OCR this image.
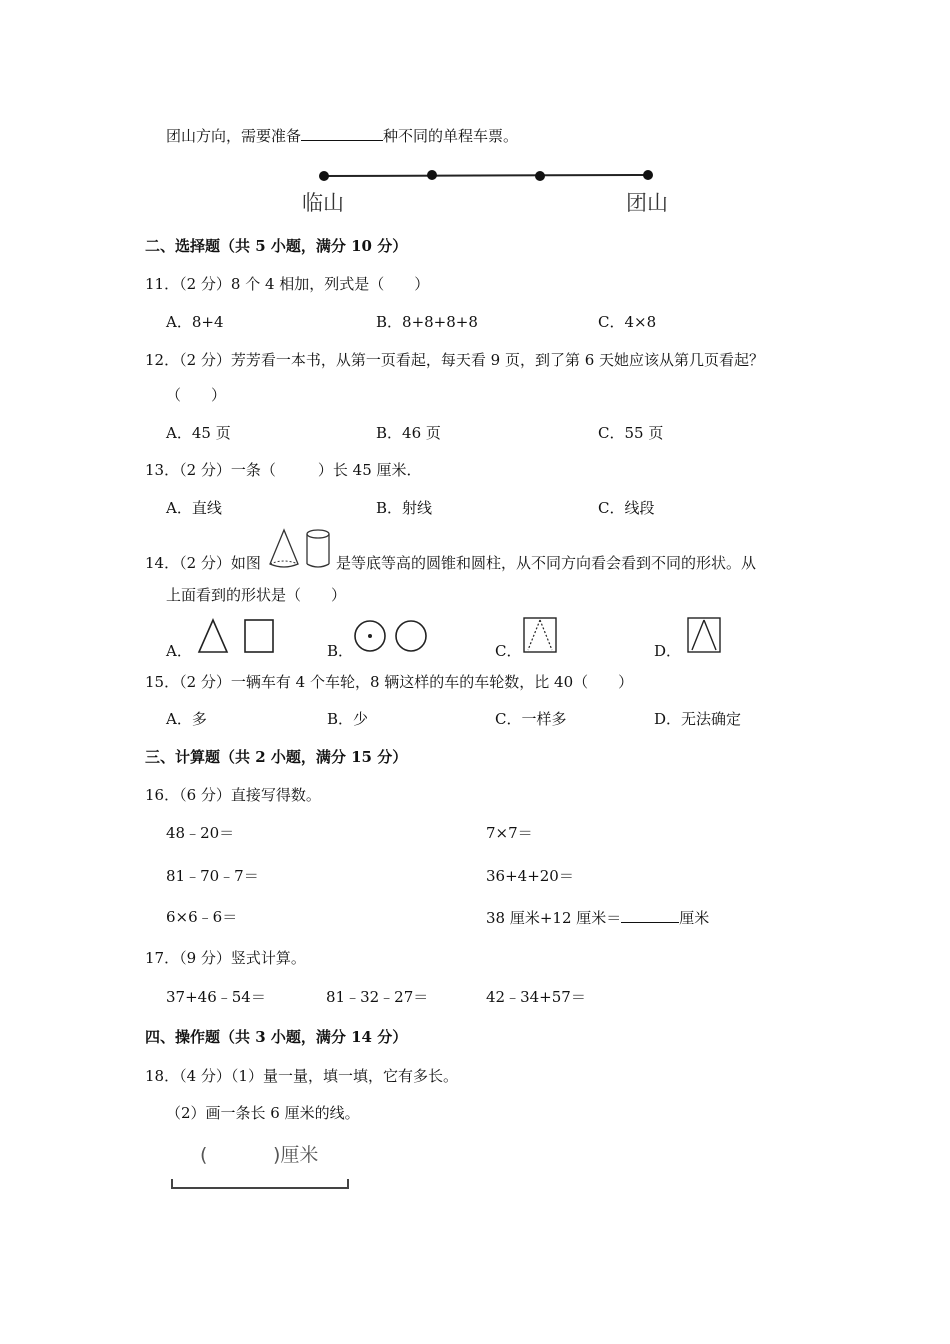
团山方向，需要准备	种不同的单程车票。
临山	团山
二、选择题（共 5 小题，满分 10 分）
11．（2 分）8 个 4 相加，列式是（　　）
A．8+4	B．8+8+8+8	C．4×8
12．（2 分）芳芳看一本书，从第一页看起，每天看 9 页，到了第 6 天她应该从第几页看起？
（　　）
A．45 页	B．46 页	C．55 页
13．（2 分）一条（	）长 45 厘米．
A．直线	B．射线	C．线段
14．（2 分）如图	是等底等高的圆锥和圆柱，从不同方向看会看到不同的形状。从
上面看到的形状是（　　）
A．	B．	C．	D．
15．（2 分）一辆车有 4 个车轮，8 辆这样的车的车轮数，比 40（　　）
A．多	B．少	C．一样多	D．无法确定
三、计算题（共 2 小题，满分 15 分）
16．（6 分）直接写得数。
48﹣20＝	7×7＝
81﹣70﹣7＝	36+4+20＝
6×6﹣6＝	38 厘米+12 厘米＝	厘米
17．（9 分）竖式计算。
37+46﹣54＝	81﹣32﹣27＝	42﹣34+57＝
四、操作题（共 3 小题，满分 14 分）
18．（4 分）（1）量一量，填一填，它有多长。
（2）画一条长 6 厘米的线。
(	)厘米
